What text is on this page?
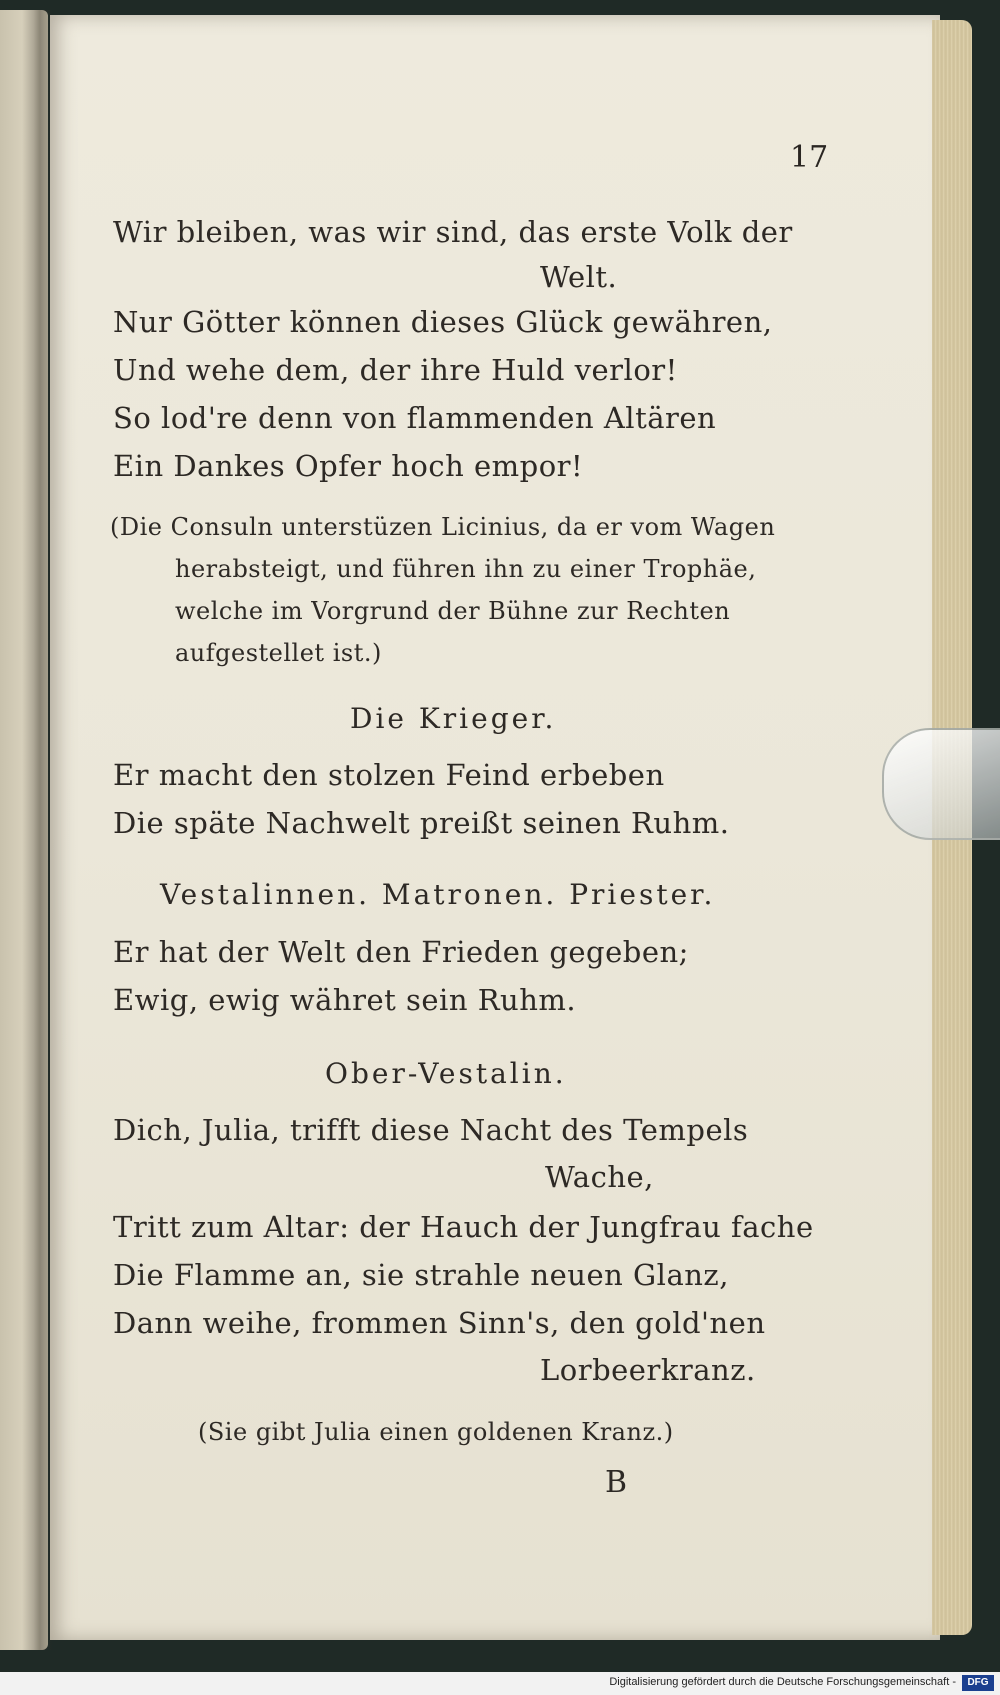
17
Wir bleiben, was wir sind, das erste Volk der
Welt.
Nur Götter können dieses Glück gewähren,
Und wehe dem, der ihre Huld verlor!
So lod're denn von flammenden Altären
Ein Dankes Opfer hoch empor!
(Die Consuln unterstüzen Licinius, da er vom Wagen
herabsteigt, und führen ihn zu einer Trophäe,
welche im Vorgrund der Bühne zur Rechten
aufgestellet ist.)
Die Krieger.
Er macht den stolzen Feind erbeben
Die späte Nachwelt preißt seinen Ruhm.
Vestalinnen. Matronen. Priester.
Er hat der Welt den Frieden gegeben;
Ewig, ewig währet sein Ruhm.
Ober-Vestalin.
Dich, Julia, trifft diese Nacht des Tempels
Wache,
Tritt zum Altar: der Hauch der Jungfrau fache
Die Flamme an, sie strahle neuen Glanz,
Dann weihe, frommen Sinn's, den gold'nen
Lorbeerkranz.
(Sie gibt Julia einen goldenen Kranz.)
B
Digitalisierung gefördert durch die Deutsche Forschungsgemeinschaft -	DFG
